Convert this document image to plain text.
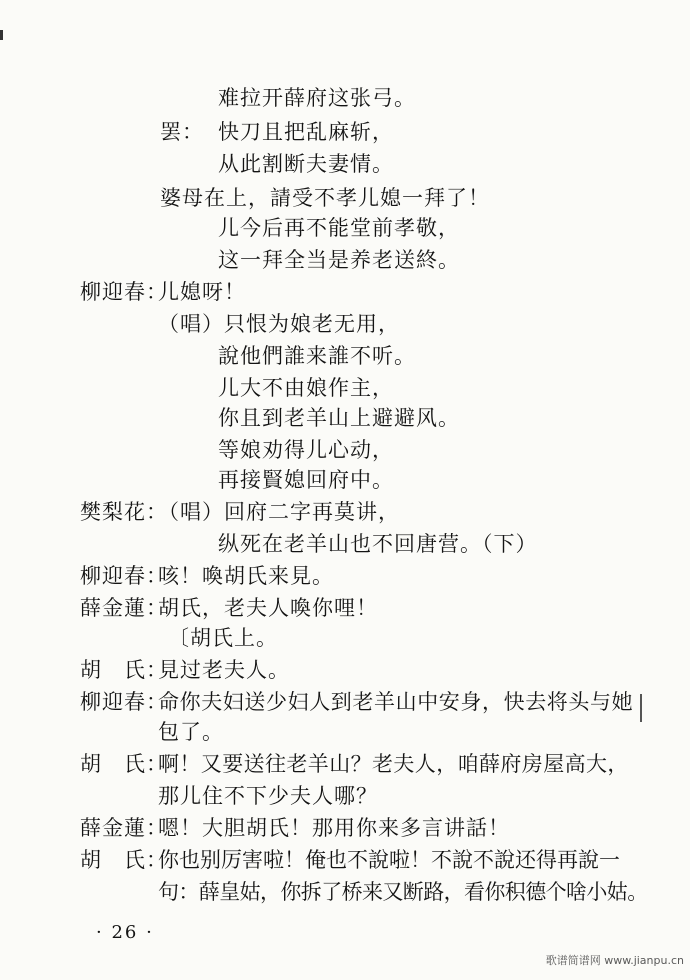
难拉开薛府这张弓。
罢： 快刀且把乱麻斩，
从此割断夫妻情。
婆母在上，請受不孝儿媳一拜了！
儿今后再不能堂前孝敬，
这一拜全当是养老送終。
柳迎春：
儿媳呀！
（唱）只恨为娘老无用，
說他們誰来誰不听。
儿大不由娘作主，
你且到老羊山上避避风。
等娘劝得儿心动，
再接賢媳回府中。
樊梨花：
（唱）回府二字再莫讲，
纵死在老羊山也不回唐营。（下）
柳迎春：
咳！喚胡氏来見。
薛金蓮：
胡氏，老夫人喚你哩！
〔胡氏上。
胡　氏：
見过老夫人。
柳迎春：
命你夫妇送少妇人到老羊山中安身，快去将头与她
包了。
胡　氏：
啊！又要送往老羊山？老夫人，咱薛府房屋高大，
那儿住不下少夫人哪？
薛金蓮：
嗯！大胆胡氏！那用你来多言讲話！
胡　氏：
你也别厉害啦！俺也不說啦！不說不說还得再說一
句：薛皇姑，你拆了桥来又断路，看你积德个啥小姑。
· 26 ·
歌谱简谱网 www.jianpu.cn
